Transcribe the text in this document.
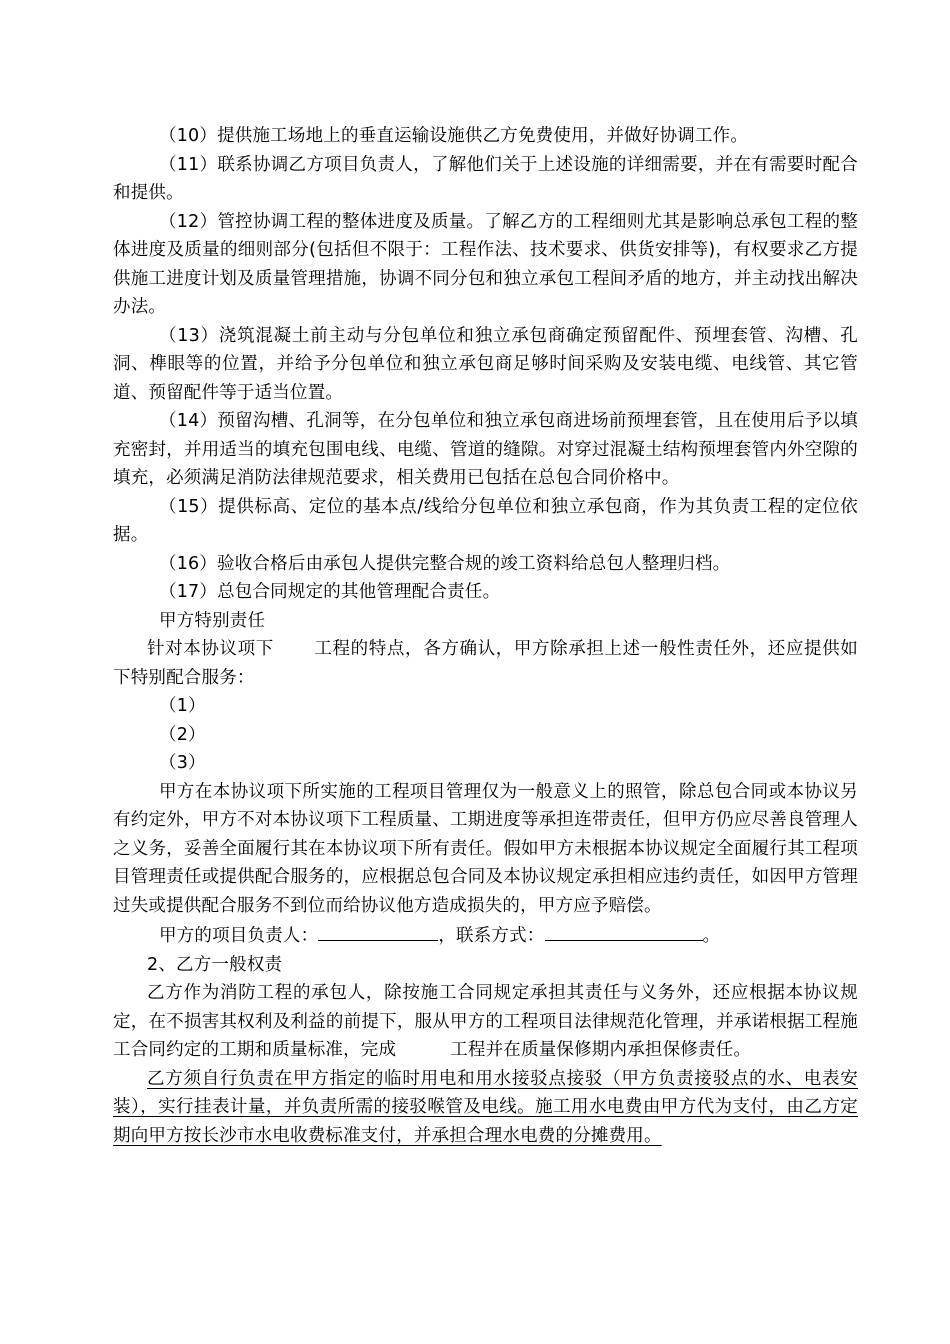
（10）提供施工场地上的垂直运输设施供乙方免费使用，并做好协调工作。

（11）联系协调乙方项目负责人，了解他们关于上述设施的详细需要，并在有需要时配合和提供。

（12）管控协调工程的整体进度及质量。了解乙方的工程细则尤其是影响总承包工程的整体进度及质量的细则部分(包括但不限于：工程作法、技术要求、供货安排等)，有权要求乙方提供施工进度计划及质量管理措施，协调不同分包和独立承包工程间矛盾的地方，并主动找出解决办法。

（13）浇筑混凝土前主动与分包单位和独立承包商确定预留配件、预埋套管、沟槽、孔洞、榫眼等的位置，并给予分包单位和独立承包商足够时间采购及安装电缆、电线管、其它管道、预留配件等于适当位置。

（14）预留沟槽、孔洞等，在分包单位和独立承包商进场前预埋套管，且在使用后予以填充密封，并用适当的填充包围电线、电缆、管道的缝隙。对穿过混凝土结构预埋套管内外空隙的填充，必须满足消防法律规范要求，相关费用已包括在总包合同价格中。

（15）提供标高、定位的基本点/线给分包单位和独立承包商，作为其负责工程的定位依据。

（16）验收合格后由承包人提供完整合规的竣工资料给总包人整理归档。

（17）总包合同规定的其他管理配合责任。

甲方特别责任

针对本协议项下 工程的特点，各方确认，甲方除承担上述一般性责任外，还应提供如下特别配合服务：

（1）

（2）

（3）

甲方在本协议项下所实施的工程项目管理仅为一般意义上的照管，除总包合同或本协议另有约定外，甲方不对本协议项下工程质量、工期进度等承担连带责任，但甲方仍应尽善良管理人之义务，妥善全面履行其在本协议项下所有责任。假如甲方未根据本协议规定全面履行其工程项目管理责任或提供配合服务的，应根据总包合同及本协议规定承担相应违约责任，如因甲方管理过失或提供配合服务不到位而给协议他方造成损失的，甲方应予赔偿。

甲方的项目负责人：	，联系方式：	。

2、乙方一般权责

乙方作为消防工程的承包人，除按施工合同规定承担其责任与义务外，还应根据本协议规定，在不损害其权利及利益的前提下，服从甲方的工程项目法律规范化管理，并承诺根据工程施工合同约定的工期和质量标准，完成	工程并在质量保修期内承担保修责任。

乙方须自行负责在甲方指定的临时用电和用水接驳点接驳（甲方负责接驳点的水、电表安装），实行挂表计量，并负责所需的接驳喉管及电线。施工用水电费由甲方代为支付，由乙方定期向甲方按长沙市水电收费标准支付，并承担合理水电费的分摊费用。
